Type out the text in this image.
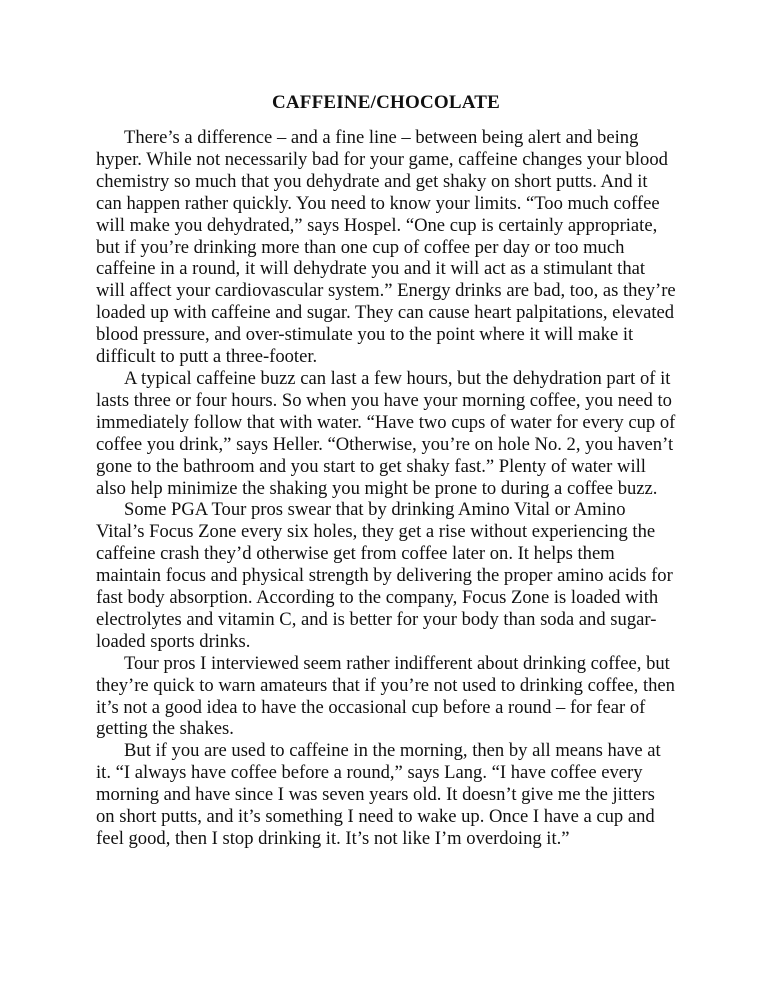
CAFFEINE/CHOCOLATE

There’s a difference – and a fine line – between being alert and being hyper. While not necessarily bad for your game, caffeine changes your blood chemistry so much that you dehydrate and get shaky on short putts. And it can happen rather quickly. You need to know your limits. “Too much coffee will make you dehydrated,” says Hospel. “One cup is certainly appropriate, but if you’re drinking more than one cup of coffee per day or too much caffeine in a round, it will dehydrate you and it will act as a stimulant that will affect your cardiovascular system.” Energy drinks are bad, too, as they’re loaded up with caffeine and sugar. They can cause heart palpitations, elevated blood pressure, and over-stimulate you to the point where it will make it difficult to putt a three-footer.

A typical caffeine buzz can last a few hours, but the dehydration part of it lasts three or four hours. So when you have your morning coffee, you need to immediately follow that with water. “Have two cups of water for every cup of coffee you drink,” says Heller. “Otherwise, you’re on hole No. 2, you haven’t gone to the bathroom and you start to get shaky fast.” Plenty of water will also help minimize the shaking you might be prone to during a coffee buzz.

Some PGA Tour pros swear that by drinking Amino Vital or Amino Vital’s Focus Zone every six holes, they get a rise without experiencing the caffeine crash they’d otherwise get from coffee later on. It helps them maintain focus and physical strength by delivering the proper amino acids for fast body absorption. According to the company, Focus Zone is loaded with electrolytes and vitamin C, and is better for your body than soda and sugar-loaded sports drinks.

Tour pros I interviewed seem rather indifferent about drinking coffee, but they’re quick to warn amateurs that if you’re not used to drinking coffee, then it’s not a good idea to have the occasional cup before a round – for fear of getting the shakes.

But if you are used to caffeine in the morning, then by all means have at it. “I always have coffee before a round,” says Lang. “I have coffee every morning and have since I was seven years old. It doesn’t give me the jitters on short putts, and it’s something I need to wake up. Once I have a cup and feel good, then I stop drinking it. It’s not like I’m overdoing it.”
